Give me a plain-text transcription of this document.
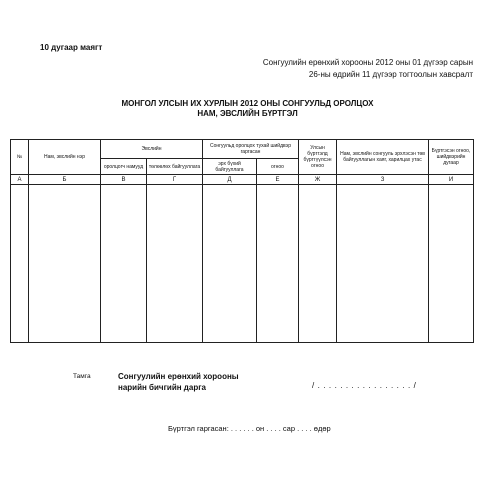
10 дугаар маягт
Сонгуулийн ерөнхий хорооны 2012 оны 01 дүгээр сарын
26-ны өдрийн 11 дүгээр тогтоолын хавсралт
МОНГОЛ УЛСЫН ИХ ХУРЛЫН 2012 ОНЫ СОНГУУЛЬД ОРОЛЦОХ
НАМ, ЭВСЛИЙН БҮРТГЭЛ
№	Нам, эвслийн нэр	Эвслийн		Сонгуульд оролцох тухай шийдвэр гаргасан		Улсын бүртгэлд бүртгүүлсэн огноо	Нам, эвслийн сонгууль эрхлэсэн төв байгууллагын хаяг, харилцах утас	Бүртгэсэн огноо, шийдвэрийн дугаар
		оролцогч намууд	төлөөлөх байгууллага	эрх бүхий байгууллага	огноо			
А	Б	В	Г	Д	Е	Ж	З	И

Тамга	Сонгуулийн ерөнхий хорооны
нарийн бичгийн дарга	/ . . . . . . . . . . . . . . . . . /
Бүртгэл гаргасан: . . . . . . он . . . . сар . . . . өдөр
